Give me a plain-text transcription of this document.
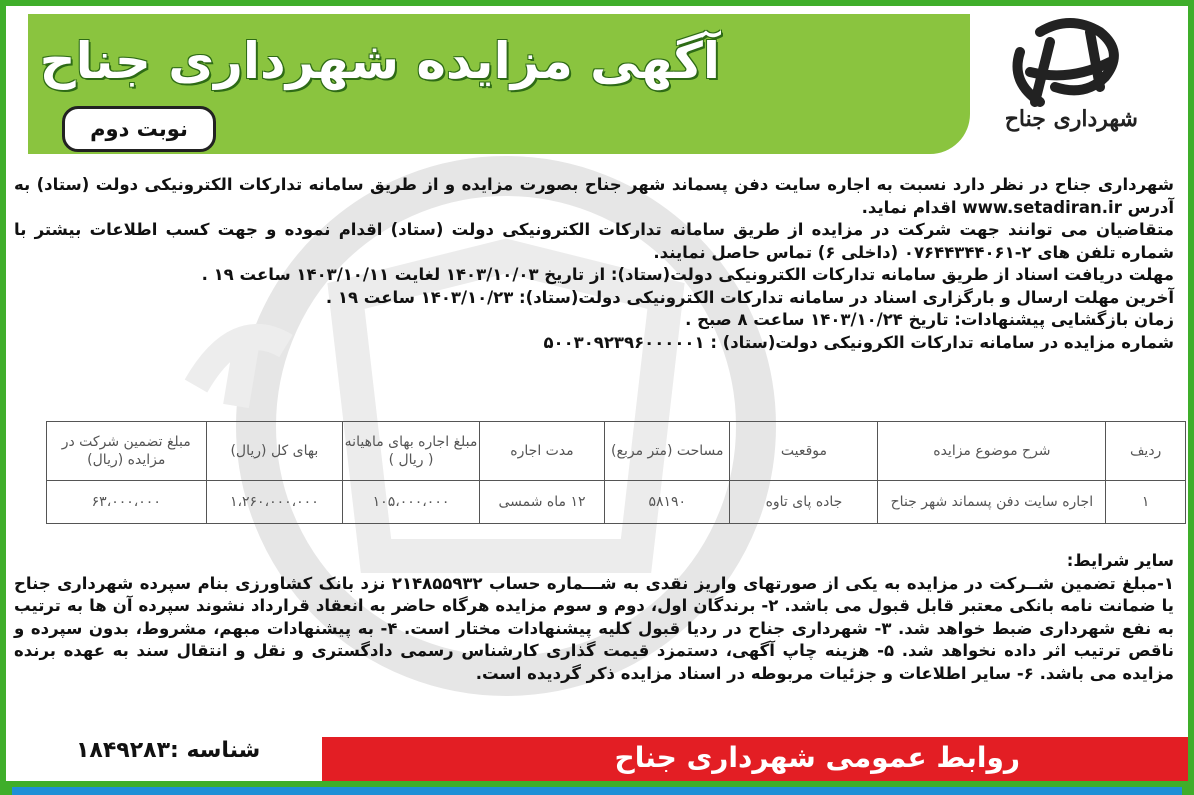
آگهی مزایده شهرداری جناح
نوبت دوم	شهرداری جناح

شهرداری جناح در نظر دارد نسبت به اجاره سایت دفن پسماند شهر جناح بصورت مزایده و از طریق سامانه تدارکات الکترونیکی دولت (ستاد) به آدرس www.setadiran.ir اقدام نماید.

متقاضیان می توانند جهت شرکت در مزایده از طریق سامانه تدارکات الکترونیکی دولت (ستاد) اقدام نموده و جهت کسب اطلاعات بیشتر با شماره تلفن های ۲-۰۷۶۴۴۳۴۴۰۶۱ (داخلی ۶) تماس حاصل نمایند.

مهلت دریافت اسناد از طریق سامانه تدارکات الکترونیکی دولت(ستاد): از تاریخ ۱۴۰۳/۱۰/۰۳ لغایت ۱۴۰۳/۱۰/۱۱ ساعت ۱۹ .

آخرین مهلت ارسال و بارگزاری اسناد در سامانه تدارکات الکترونیکی دولت(ستاد): ۱۴۰۳/۱۰/۲۳ ساعت ۱۹ .

زمان بازگشایی پیشنهادات: تاریخ ۱۴۰۳/۱۰/۲۴ ساعت ۸ صبح .

شماره مزایده در سامانه تدارکات الکرونیکی دولت(ستاد) : ۵۰۰۳۰۹۲۳۹۶۰۰۰۰۰۱

ردیف	شرح موضوع مزایده	موقعیت	مساحت (متر مربع)	مدت اجاره	مبلغ اجاره بهای ماهیانه ( ریال )	بهای کل (ریال)	مبلغ تضمین شرکت در مزایده (ریال)
۱	اجاره سایت دفن پسماند شهر جناح	جاده پای تاوه	۵۸۱۹۰	۱۲ ماه شمسی	۱۰۵،۰۰۰،۰۰۰	۱،۲۶۰،۰۰۰،۰۰۰	۶۳،۰۰۰،۰۰۰

سایر شرایط:

۱-مبلغ تضمین شــرکت در مزایده به یکی از صورتهای واریز نقدی به شـــماره حساب ۲۱۴۸۵۵۹۳۲ نزد بانک کشاورزی بنام سپرده شهرداری جناح یا ضمانت نامه بانکی معتبر قابل قبول می باشد. ۲- برندگان اول، دوم و سوم مزایده هرگاه حاضر به انعقاد قرارداد نشوند سپرده آن ها به ترتیب به نفع شهرداری ضبط خواهد شد. ۳- شهرداری جناح در ردیا قبول کلیه پیشنهادات مختار است. ۴- به پیشنهادات مبهم، مشروط، بدون سپرده و ناقص ترتیب اثر داده نخواهد شد. ۵- هزینه چاپ آگهی، دستمزد قیمت گذاری کارشناس رسمی دادگستری و نقل و انتقال سند به عهده برنده مزایده می باشد. ۶- سایر اطلاعات و جزئیات مربوطه در اسناد مزایده ذکر گردیده است.

شناسه :۱۸۴۹۲۸۳	روابط عمومی شهرداری جناح
